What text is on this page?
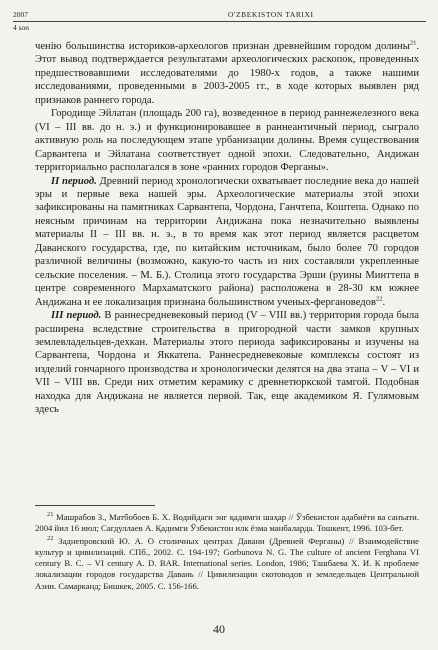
2007	O'ZBEKISTON TARIXI
4 son

ченію большинства историков-археологов признан древнейшим городом долины$^{21}$. Этот вывод подтверждается результатами археологических раскопок, проведенных предшествовавшими исследователями до 1980-х годов, а также нашими исследованиями, проведенными в 2003-2005 гг., в ходе которых выявлен ряд признаков раннего города.

Городище Эйлатан (площадь 200 га), возведенное в период раннежелезного века (VI – III вв. до н. э.) и функционировавшее в раннеантичный период, сыграло активную роль на последующем этапе урбанизации долины. Время существования Сарвантепа и Эйлатана соответствует одной эпохи. Следовательно, Андижан территориально располагался в зоне «ранних городов Ферганы».

II период. Древний период хронологически охватывает последние века до нашей эры и первые века нашей эры. Археологические материалы этой эпохи зафиксированы на памятниках Сарвантепа, Чордона, Ганчтепа, Коштепа. Однако по неясным причинам на территории Андижана пока незначительно выявлены материалы II – III вв. н. э., в то время как этот период является расцветом Даванского государства, где, по китайским источникам, было более 70 городов различной величины (возможно, какую-то часть из них составляли укрепленные сельские поселения. – М. Б.). Столица этого государства Эрши (руины Минттепа в центре современного Мархаматского района) расположена в 28-30 км южнее Андижана и ее локализация признана большинством ученых-фергановедов$^{22}$.

III период. В раннесредневековый период (V – VIII вв.) территория города была расширена вследствие строительства в пригородной части замков крупных землевладельцев-дехкан. Материалы этого периода зафиксированы и изучены на Сарвантепа, Чордона и Яккатепа. Раннесредневековые комплексы состоят из изделий гончарного производства и хронологически делятся на два этапа – V – VI и VII – VIII вв. Среди них отметим керамику с древнетюркской тамгой. Подобная находка для Андижана не является первой. Так, еще академиком Я. Гулямовым здесь

$^{21}$ Машрабов З., Матбобоев Б. Х. Водийдаги энг қадимги шаҳар // Ўзбекистон адабиёти ва санъати. 2004 йил 16 июл; Сагдуллаев А. Қадимги Ўзбекистон илк ёзма манбаларда. Тошкент, 1996. 103-бет.

$^{22}$ Заднепровский Ю. А. О столичных центрах Давани (Древней Ферганы) // Взаимодействие культур и цивилизаций. СПб., 2002. С. 194-197; Gorbunova N. G. The culture of ancient Ferghana VI century B. C. – VI century A. D. BAR. International series. London, 1986; Ташбаева Х. И. К проблеме локализации городов государства Давань // Цивилизации скотоводов и земледельцев Центральной Азии. Самарканд; Бишкек, 2005. С. 156-166.

40
